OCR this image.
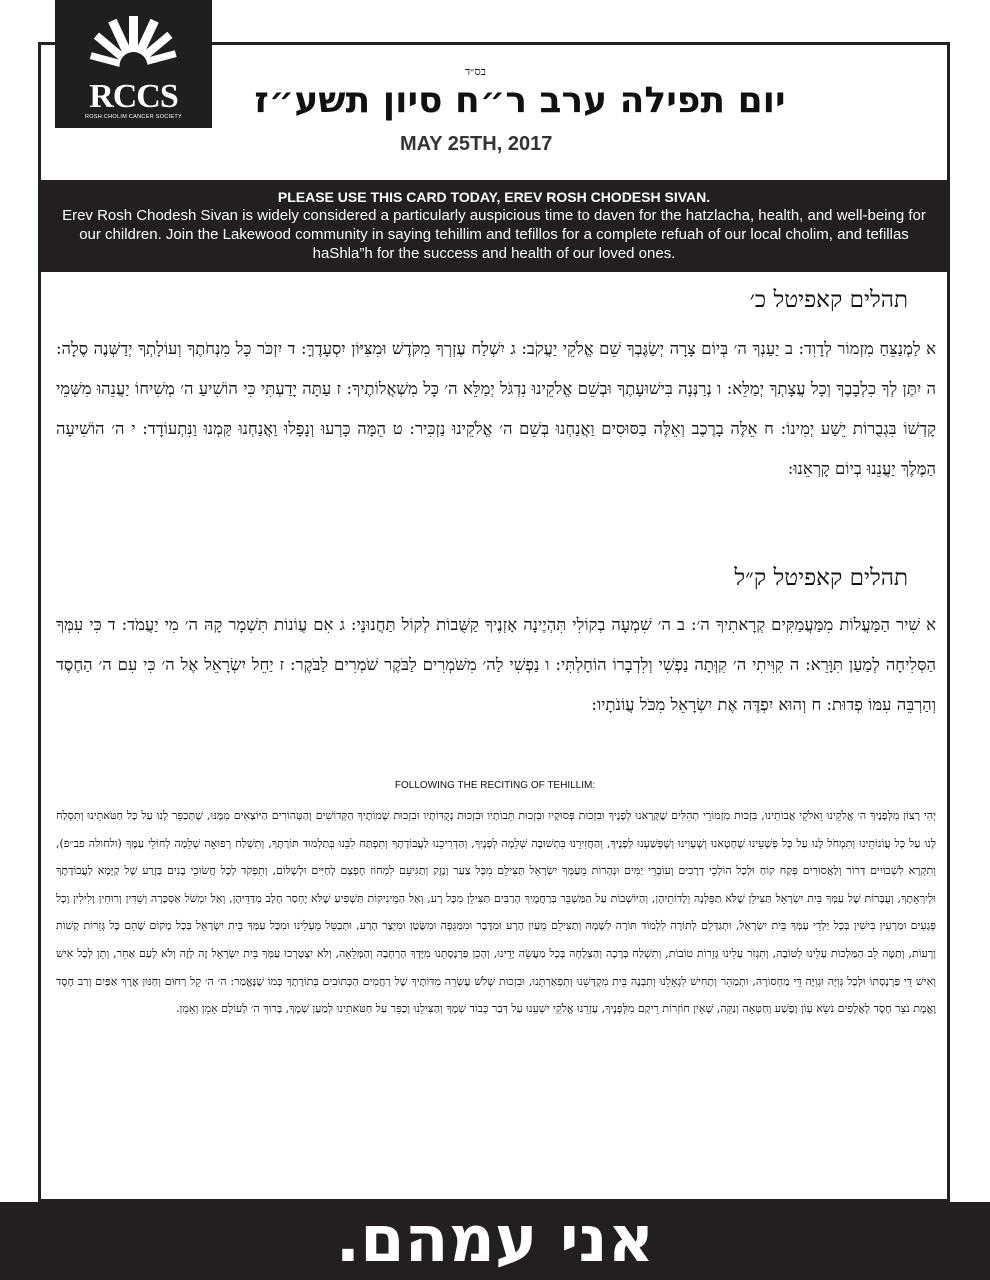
RCCS
ROSH CHOLIM CANCER SOCIETY
בס״ד
יום תפילה ערב ר״ח סיון תשע״ז
MAY 25TH, 2017
PLEASE USE THIS CARD TODAY, EREV ROSH CHODESH SIVAN.
Erev Rosh Chodesh Sivan is widely considered a particularly auspicious time to daven for the hatzlacha, health, and well-being for our children. Join the Lakewood community in saying tehillim and tefillos for a complete refuah of our local cholim, and tefillas haShla”h for the success and health of our loved ones.
תהלים קאפיטל כ׳
א לַמְנַצֵּחַ מִזְמוֹר לְדָוִד: ב יַעַנְךָ ה׳ בְּיוֹם צָרָה יְשַׂגֶּבְךָ שֵׁם אֱלֹקֵי יַעֲקֹב: ג יִשְׁלַח עֶזְרְךָ מִקֹּדֶשׁ וּמִצִּיּוֹן יִסְעָדֶךָּ: ד יִזְכֹּר כָּל מִנְחֹתֶךָ וְעוֹלָתְךָ יְדַשְּׁנֶה סֶלָה: ה יִתֶּן לְךָ כִלְבָבֶךָ וְכָל עֲצָתְךָ יְמַלֵּא: ו נְרַנְּנָה בִּישׁוּעָתֶךָ וּבְשֵׁם אֱלֹקֵינוּ נִדְגֹּל יְמַלֵּא ה׳ כָּל מִשְׁאֲלוֹתֶיךָ: ז עַתָּה יָדַעְתִּי כִּי הוֹשִׁיעַ ה׳ מְשִׁיחוֹ יַעֲנֵהוּ מִשְּׁמֵי קָדְשׁוֹ בִּגְבֻרוֹת יֵשַׁע יְמִינוֹ: ח אֵלֶּה בָרֶכֶב וְאֵלֶּה בַסּוּסִים וַאֲנַחְנוּ בְּשֵׁם ה׳ אֱלֹקֵינוּ נַזְכִּיר: ט הֵמָּה כָּרְעוּ וְנָפָלוּ וַאֲנַחְנוּ קַּמְנוּ וַנִּתְעוֹדָד: י ה׳ הוֹשִׁיעָה הַמֶּלֶךְ יַעֲנֵנוּ בְיוֹם קָרְאֵנוּ:
תהלים קאפיטל ק״ל
א שִׁיר הַמַּעֲלוֹת מִמַּעֲמַקִּים קְרָאתִיךָ ה׳: ב ה׳ שִׁמְעָה בְקוֹלִי תִּהְיֶינָה אָזְנֶיךָ קַשֻּׁבוֹת לְקוֹל תַּחֲנוּנָי: ג אִם עֲוֹנוֹת תִּשְׁמָר קָהּ ה׳ מִי יַעֲמֹד: ד כִּי עִמְּךָ הַסְּלִיחָה לְמַעַן תִּוָּרֵא: ה קִוִּיתִי ה׳ קִוְּתָה נַפְשִׁי וְלִדְבָרוֹ הוֹחָלְתִּי: ו נַפְשִׁי לַה׳ מִשֹּׁמְרִים לַבֹּקֶר שֹׁמְרִים לַבֹּקֶר: ז יַחֵל יִשְׂרָאֵל אֶל ה׳ כִּי עִם ה׳ הַחֶסֶד וְהַרְבֵּה עִמּוֹ פְדוּת: ח וְהוּא יִפְדֶּה אֶת יִשְׂרָאֵל מִכֹּל עֲוֹנֹתָיו:
FOLLOWING THE RECITING OF TEHILLIM:
יְהִי רָצוֹן מִלְּפָנֶיךָ ה׳ אֱלֹקֵינוּ וֵאלֹקֵי אֲבוֹתֵינוּ, בִּזְכוּת מִזְמוֹרֵי תְהִלִּים שֶׁקָּרָאנוּ לְפָנֶיךָ וּבִזְכוּת פְּסוּקָיו וּבִזְכוּת תֵּבוֹתָיו וּבִזְכוּת נְקֻדּוֹתָיו וּבִזְכוּת שְׁמוֹתֶיךָ הַקְּדוֹשִׁים וְהַטְּהוֹרִים הַיּוֹצְאִים מִמֶּנּוּ, שֶׁתְּכַפֵּר לָנוּ עַל כָּל חַטֹּאתֵינוּ וְתִסְלַח לָנוּ עַל כָּל עֲוֹנוֹתֵינוּ וְתִמְחֹל לָנוּ עַל כָּל פְּשָׁעֵינוּ שֶׁחָטָאנוּ וְשֶׁעָוִינוּ וְשֶׁפָּשַׁעְנוּ לְפָנֶיךָ, וְהַחֲזִירֵנוּ בִּתְשׁוּבָה שְׁלֵמָה לְפָנֶיךָ, וְהַדְרִיכֵנוּ לַעֲבוֹדָתֶךָ וְתִפְתַּח לִבֵּנוּ בְּתַלְמוּד תּוֹרָתֶךָ, וְתִשְׁלַח רְפוּאָה שְׁלֵמָה לְחוֹלֵי עַמֶּךָ (ולחולה פב״פ), וְתִקְרָא לִשְׁבוּיִים דְּרוֹר וְלַאֲסוּרִים פְּקַח קוֹחַ וּלְכָל הוֹלְכֵי דְרָכִים וְעוֹבְרֵי יַמִּים וּנְהָרוֹת מֵעַמְּךָ יִשְׂרָאֵל תַּצִּילֵם מִכָּל צַעַר וָנֶזֶק וְתַגִּיעֵם לִמְחוֹז חֶפְצָם לְחַיִּים וּלְשָׁלוֹם, וְתִפְקֹד לְכָל חֲשׂוּכֵי בָנִים בְּזֶרַע שֶׁל קַיָּמָא לַעֲבוֹדָתֶךָ וּלְיִרְאָתֶךָ, וְעֻבָּרוֹת שֶׁל עַמְּךָ בֵּית יִשְׂרָאֵל תַּצִּילֵן שֶׁלֹּא תַפֵּלְנָה וְלָדוֹתֵיהֶן, וְהַיּוֹשְׁבוֹת עַל הַמַּשְׁבֵּר בְּרַחֲמֶיךָ הָרַבִּים תַּצִּילֵן מִכָּל רָע, וְאַל הַמֵּינִיקוֹת תַּשְׁפִּיעַ שֶׁלֹּא יֶחְסַר חָלָב מִדַּדֵּיהֶן, וְאַל יִמְשֹׁל אַסְכָּרָה וְשֵׁדִין וְרוּחִין וְלִילִין וְכָל פְּגָעִים וּמַרְעִין בִּישִׁין בְּכָל יַלְדֵי עַמְּךָ בֵּית יִשְׂרָאֵל, וּתְגַדְּלֵם לְתוֹרָה לִלְמוֹד תּוֹרָה לִשְׁמָהּ וְתַצִּילֵם מֵעַיִן הָרָע וּמִדֶּבֶר וּמִמַּגֵּפָה וּמִשָּׂטָן וּמִיֵּצֶר הָרָע, וּתְבַטֵּל מֵעָלֵינוּ וּמִכָּל עַמְּךָ בֵּית יִשְׂרָאֵל בְּכָל מָקוֹם שֶׁהֵם כָּל גְּזֵרוֹת קָשׁוֹת וְרָעוֹת, וְתַטֶּה לֵב הַמַּלְכוּת עָלֵינוּ לְטוֹבָה, וְתִגְזֹר עָלֵינוּ גְּזֵרוֹת טוֹבוֹת, וְתִשְׁלַח בְּרָכָה וְהַצְלָחָה בְּכָל מַעֲשֵׂה יָדֵינוּ, וְהָכֵן פַּרְנָסָתֵנוּ מִיָּדְךָ הָרְחָבָה וְהַמְּלֵאָה, וְלֹא יִצְטָרְכוּ עַמְּךָ בֵּית יִשְׂרָאֵל זֶה לָזֶה וְלֹא לְעַם אַחֵר, וְתֵן לְכָל אִישׁ וְאִישׁ דֵּי פַּרְנָסָתוֹ וּלְכָל גְּוִיָּה וּגְוִיָּה דֵּי מַחְסוֹרָהּ, וּתְמַהֵר וְתָחִישׁ לִגְאָלֵנוּ וְתִבְנֶה בֵּית מִקְדָּשֵׁנוּ וְתִפְאַרְתֵּנוּ, וּבִזְכוּת שְׁלֹשׁ עֶשְׂרֵה מִדּוֹתֶיךָ שֶׁל רַחֲמִים הַכְּתוּבִים בְּתוֹרָתֶךָ כְּמוֹ שֶׁנֶּאֱמַר: ה׳ ה׳ קֵל רַחוּם וְחַנּוּן אֶרֶךְ אַפַּיִם וְרַב חֶסֶד וֶאֱמֶת נֹצֵר חֶסֶד לָאֲלָפִים נֹשֵׂא עָוֹן וָפֶשַׁע וְחַטָּאָה וְנַקֵּה, שֶׁאֵין חוֹזְרוֹת רֵיקָם מִלְּפָנֶיךָ, עָזְרֵנוּ אֱלֹקֵי יִשְׁעֵנוּ עַל דְּבַר כְּבוֹד שְׁמֶךָ וְהַצִּילֵנוּ וְכַפֵּר עַל חַטֹּאתֵינוּ לְמַעַן שְׁמֶךָ, בָּרוּךְ ה׳ לְעוֹלָם אָמֵן וְאָמֵן.
אני עמהם.
